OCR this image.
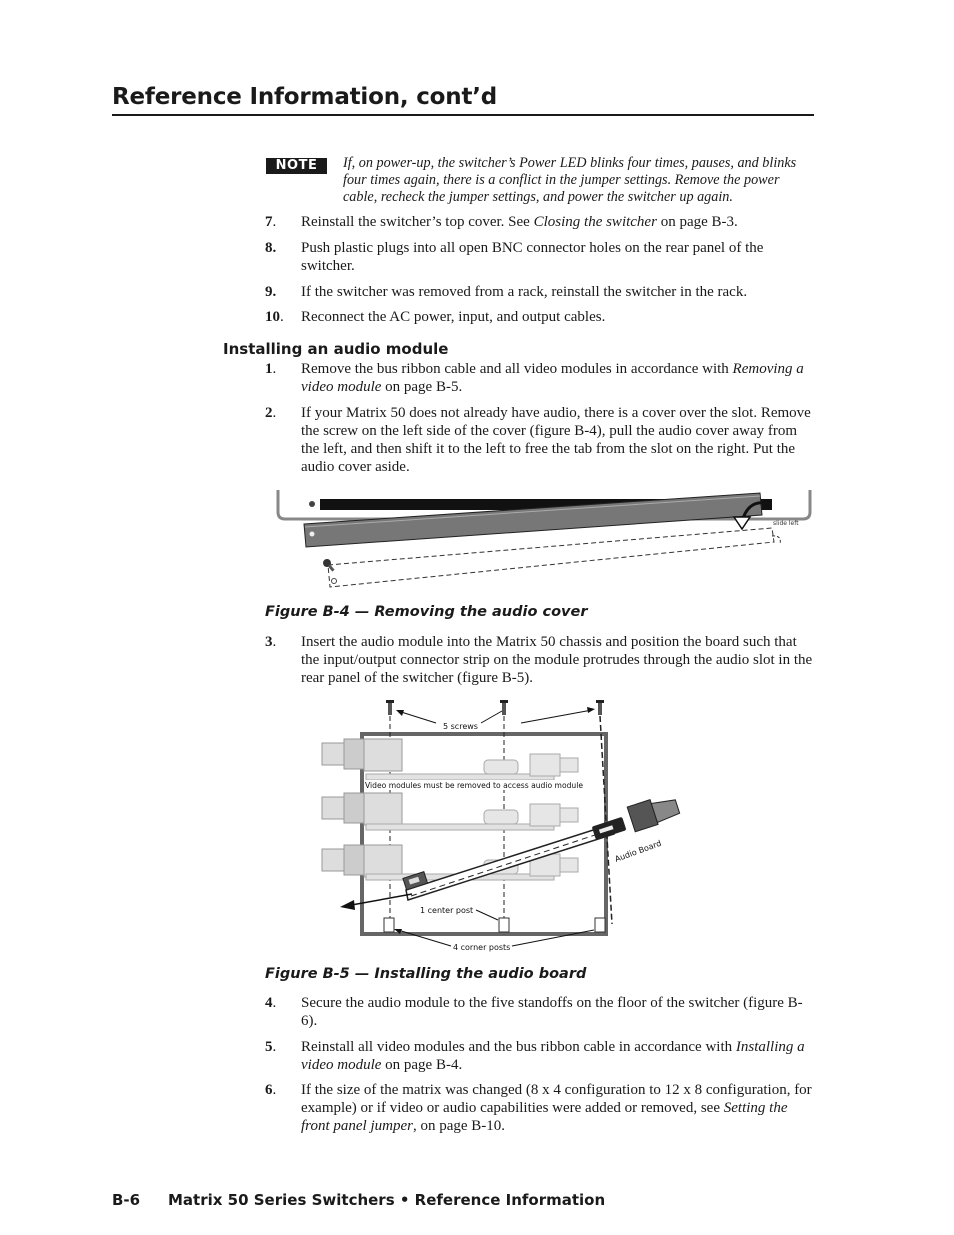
Reference Information, cont’d
NOTE	If, on power-up, the switcher’s Power LED blinks four times, pauses, and blinks four times again, there is a conflict in the jumper settings. Remove the power cable, recheck the jumper settings, and power the switcher up again.
7. Reinstall the switcher’s top cover. See Closing the switcher on page B-3.
8. Push plastic plugs into all open BNC connector holes on the rear panel of the switcher.
9. If the switcher was removed from a rack, reinstall the switcher in the rack.
10. Reconnect the AC power, input, and output cables.
Installing an audio module
1. Remove the bus ribbon cable and all video modules in accordance with Removing a video module on page B-5.
2. If your Matrix 50 does not already have audio, there is a cover over the slot. Remove the screw on the left side of the cover (figure B-4), pull the audio cover away from the left, and then shift it to the left to free the tab from the slot on the right. Put the audio cover aside.
slide left
Figure B-4 — Removing the audio cover
3. Insert the audio module into the Matrix 50 chassis and position the board such that the input/output connector strip on the module protrudes through the audio slot in the rear panel of the switcher (figure B-5).
5 screws
Video modules must be removed to access audio module
Audio Board
1 center post
4 corner posts
Figure B-5 — Installing the audio board
4. Secure the audio module to the five standoffs on the floor of the switcher (figure B-6).
5. Reinstall all video modules and the bus ribbon cable in accordance with Installing a video module on page B-4.
6. If the size of the matrix was changed (8 x 4 configuration to 12 x 8 configuration, for example) or if video or audio capabilities were added or removed, see Setting the front panel jumper, on page B-10.
B-6 Matrix 50 Series Switchers • Reference Information
